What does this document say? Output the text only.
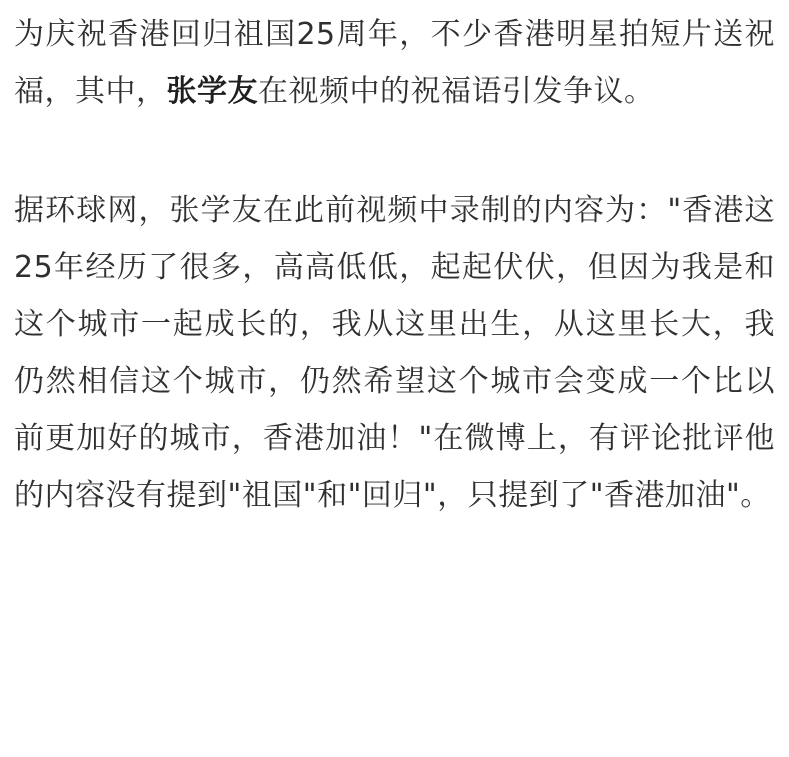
为庆祝香港回归祖国25周年，不少香港明星拍短片送祝福，其中，张学友在视频中的祝福语引发争议。

据环球网，张学友在此前视频中录制的内容为："香港这25年经历了很多，高高低低，起起伏伏，但因为我是和这个城市一起成长的，我从这里出生，从这里长大，我仍然相信这个城市，仍然希望这个城市会变成一个比以前更加好的城市，香港加油！"在微博上，有评论批评他的内容没有提到"祖国"和"回归"，只提到了"香港加油"。
